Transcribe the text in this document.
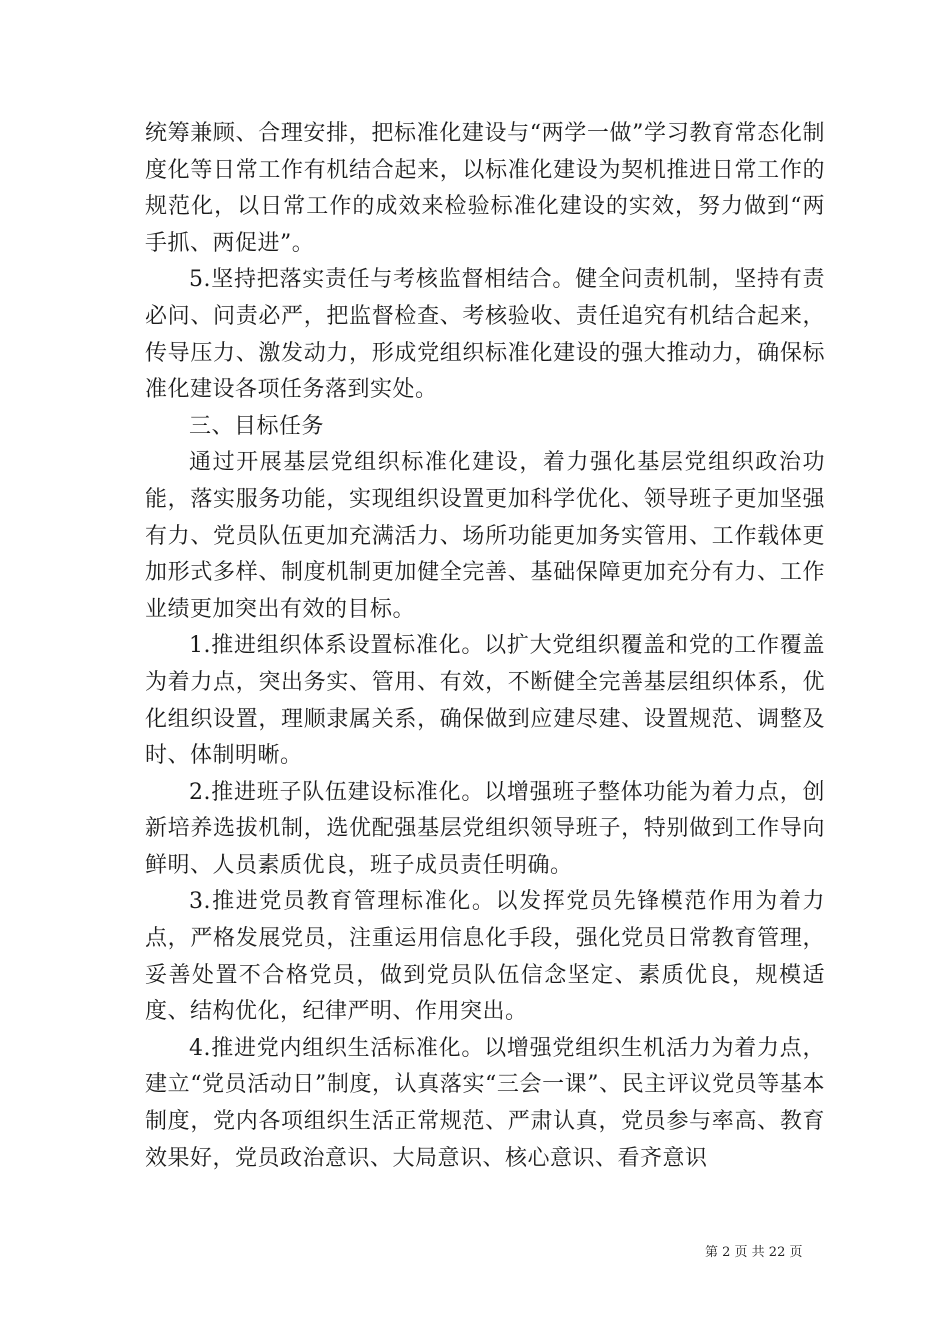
统筹兼顾、合理安排，把标准化建设与“两学一做”学习教育常态化制度化等日常工作有机结合起来，以标准化建设为契机推进日常工作的规范化，以日常工作的成效来检验标准化建设的实效，努力做到“两手抓、两促进”。

5.坚持把落实责任与考核监督相结合。健全问责机制，坚持有责必问、问责必严，把监督检查、考核验收、责任追究有机结合起来，传导压力、激发动力，形成党组织标准化建设的强大推动力，确保标准化建设各项任务落到实处。

三、目标任务

通过开展基层党组织标准化建设，着力强化基层党组织政治功能，落实服务功能，实现组织设置更加科学优化、领导班子更加坚强有力、党员队伍更加充满活力、场所功能更加务实管用、工作载体更加形式多样、制度机制更加健全完善、基础保障更加充分有力、工作业绩更加突出有效的目标。

1.推进组织体系设置标准化。以扩大党组织覆盖和党的工作覆盖为着力点，突出务实、管用、有效，不断健全完善基层组织体系，优化组织设置，理顺隶属关系，确保做到应建尽建、设置规范、调整及时、体制明晰。

2.推进班子队伍建设标准化。以增强班子整体功能为着力点，创新培养选拔机制，选优配强基层党组织领导班子，特别做到工作导向鲜明、人员素质优良，班子成员责任明确。

3.推进党员教育管理标准化。以发挥党员先锋模范作用为着力点，严格发展党员，注重运用信息化手段，强化党员日常教育管理，妥善处置不合格党员，做到党员队伍信念坚定、素质优良，规模适度、结构优化，纪律严明、作用突出。

4.推进党内组织生活标准化。以增强党组织生机活力为着力点，建立“党员活动日”制度，认真落实“三会一课”、民主评议党员等基本制度，党内各项组织生活正常规范、严肃认真，党员参与率高、教育效果好，党员政治意识、大局意识、核心意识、看齐意识

第 2 页 共 22 页
